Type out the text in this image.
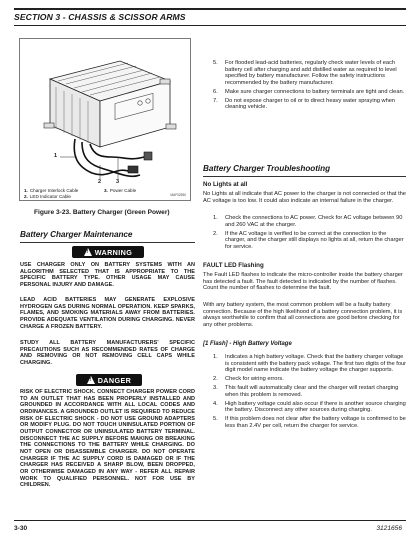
SECTION 3 - CHASSIS & SCISSOR ARMS
1
2	3
MAF02550
1. Charger Interlock Cable
2. LED Indicator Cable
3. Power Cable
Figure 3-23. Battery Charger (Green Power)
Battery Charger Maintenance
!
WARNING
USE CHARGER ONLY ON BATTERY SYSTEMS WITH AN ALGORITHM SELECTED THAT IS APPROPRIATE TO THE SPECIFIC BATTERY TYPE. OTHER USAGE MAY CAUSE PERSONAL INJURY AND DAMAGE.
LEAD ACID BATTERIES MAY GENERATE EXPLOSIVE HYDROGEN GAS DURING NORMAL OPERATION. KEEP SPARKS, FLAMES, AND SMOKING MATERIALS AWAY FROM BATTERIES. PROVIDE ADEQUATE VENTILATION DURING CHARGING. NEVER CHARGE A FROZEN BATTERY.
STUDY ALL BATTERY MANUFACTURERS' SPECIFIC PRECAUTIONS SUCH AS RECOMMENDED RATES OF CHARGE AND REMOVING OR NOT REMOVING CELL CAPS WHILE CHARGING.
!
DANGER
RISK OF ELECTRIC SHOCK. CONNECT CHARGER POWER CORD TO AN OUTLET THAT HAS BEEN PROPERLY INSTALLED AND GROUNDED IN ACCORDANCE WITH ALL LOCAL CODES AND ORDINANCES. A GROUNDED OUTLET IS REQUIRED TO REDUCE RISK OF ELECTRIC SHOCK - DO NOT USE GROUND ADAPTERS OR MODIFY PLUG. DO NOT TOUCH UNINSULATED PORTION OF OUTPUT CONNECTOR OR UNINSULATED BATTERY TERMINAL. DISCONNECT THE AC SUPPLY BEFORE MAKING OR BREAKING THE CONNECTIONS TO THE BATTERY WHILE CHARGING. DO NOT OPEN OR DISASSEMBLE CHARGER. DO NOT OPERATE CHARGER IF THE AC SUPPLY CORD IS DAMAGED OR IF THE CHARGER HAS RECEIVED A SHARP BLOW, BEEN DROPPED, OR OTHERWISE DAMAGED IN ANY WAY - REFER ALL REPAIR WORK TO QUALIFIED PERSONNEL. NOT FOR USE BY CHILDREN.
5. For flooded lead-acid batteries, regularly check water levels of each battery cell after charging and add distilled water as required to level specified by battery manufacturer. Follow the safety instructions recommended by the battery manufacturer.
6. Make sure charger connections to battery terminals are tight and clean.
7. Do not expose charger to oil or to direct heavy water spraying when cleaning vehicle.
Battery Charger Troubleshooting
No Lights at all
No Lights at all indicate that AC power to the charger is not connected or that the AC voltage is too low. It could also indicate an internal failure in the charger.
1. Check the connections to AC power. Check for AC voltage between 90 and 260 VAC at the charger.
2. If the AC voltage is verified to be correct at the connection to the charger, and the charger still displays no lights at all, return the charger for service.
FAULT LED Flashing
The Fault LED flashes to indicate the micro-controller inside the battery charger has detected a fault. The fault detected is indicated by the number of flashes. Count the number of flashes to determine the fault.
With any battery system, the most common problem will be a faulty battery connection. Because of the high likelihood of a battery connection problem, it is always worthwhile to confirm that all connections are good before checking for any other problems.
[1 Flash] - High Battery Voltage
1. Indicates a high battery voltage. Check that the battery charger voltage is consistent with the battery pack voltage. The first two digits of the four digit model name indicate the battery voltage the charger supports.
2. Check for wiring errors.
3. This fault will automatically clear and the charger will restart charging when this problem is removed.
4. High battery voltage could also occur if there is another source charging the battery. Disconnect any other sources during charging.
5. If this problem does not clear after the battery voltage is confirmed to be less than 2.4V per cell, return the charger for service.
3-30	3121656
